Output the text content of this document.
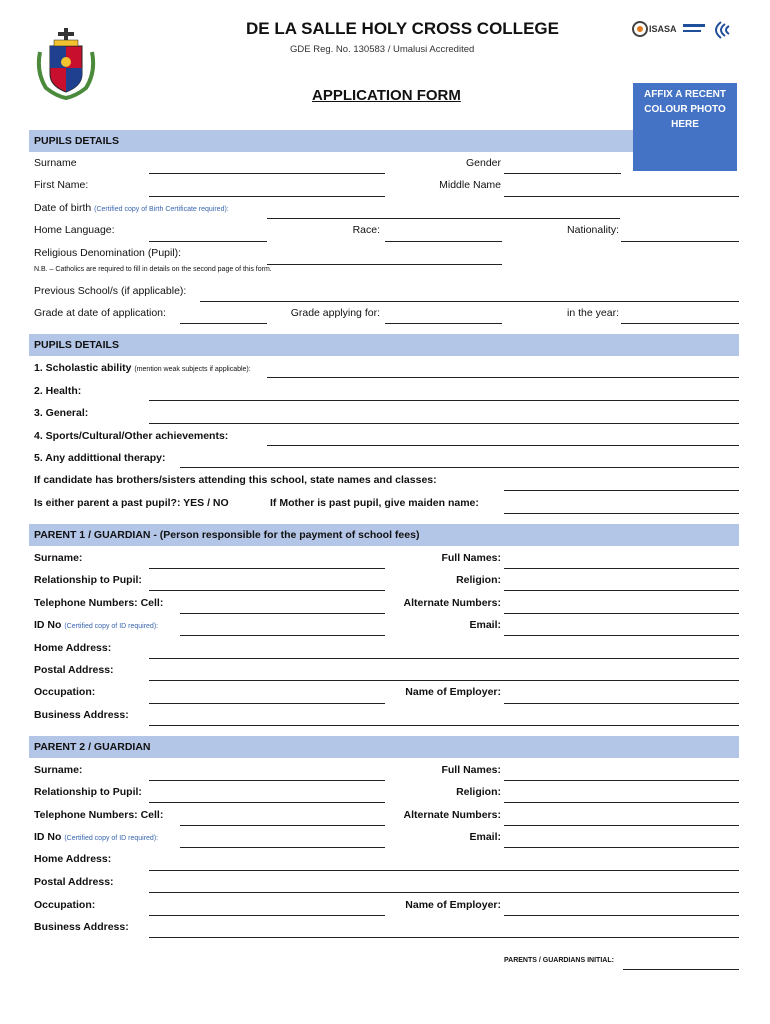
ISASA
DE LA SALLE HOLY CROSS COLLEGE
GDE Reg. No. 130583 / Umalusi Accredited
APPLICATION FORM	AFFIX A RECENT
COLOUR PHOTO
HERE
PUPILS DETAILS
Surname	Gender
First Name:	Middle Name
Date of birth (Certified copy of Birth Certificate required):
Home Language:	Race:	Nationality:
Religious Denomination (Pupil):
N.B. – Catholics are required to fill in details on the second page of this form.
Previous School/s (if applicable):
Grade at date of application:	Grade applying for:	in the year:
PUPILS DETAILS
1. Scholastic ability (mention weak subjects if applicable):
2. Health:
3. General:
4. Sports/Cultural/Other achievements:
5. Any addittional therapy:
If candidate has brothers/sisters attending this school, state names and classes:
Is either parent a past pupil?: YES / NO	If Mother is past pupil, give maiden name:
PARENT 1 / GUARDIAN - (Person responsible for the payment of school fees)
Surname:	Full Names:
Relationship to Pupil:	Religion:
Telephone Numbers: Cell:	Alternate Numbers:
ID No (Certified copy of ID required):	Email:
Home Address:
Postal Address:
Occupation:	Name of Employer:
Business Address:
PARENT 2 / GUARDIAN
Surname:	Full Names:
Relationship to Pupil:	Religion:
Telephone Numbers: Cell:	Alternate Numbers:
ID No (Certified copy of ID required):	Email:
Home Address:
Postal Address:
Occupation:	Name of Employer:
Business Address:
PARENTS / GUARDIANS INITIAL:
